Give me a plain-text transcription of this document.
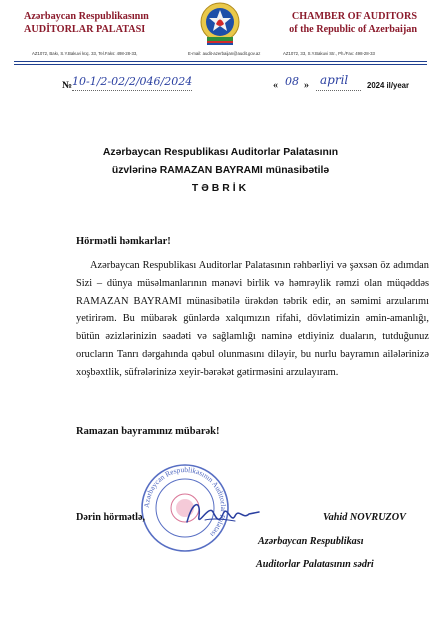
Azərbaycan Respublikasının
AUDİTORLAR PALATASI
CHAMBER OF AUDITORS
of the Republic of Azerbaijan
AZ1072, Bakı, S.Y.Bakuvi küç. 33, Tel.Faks: 498-28-33,	E-mail: audit-azerbaijan@audit.gov.az	AZ1072, 33, S.Y.Bakuvi Str., Ph./Fax: 498-28-33
№ 10-1/2-02/2/046/2024	« 08 » april 2024 il/year
Azərbaycan Respublikası Auditorlar Palatasının
üzvlərinə RAMAZAN BAYRAMI münasibətilə
TƏBRİK
Hörmətli həmkarlar!
Azərbaycan Respublikası Auditorlar Palatasının rəhbərliyi və şəxsən öz adımdan Sizi – dünya müsəlmanlarının mənəvi birlik və həmrəylik rəmzi olan müqəddəs RAMAZAN BAYRAMI münasibətilə ürəkdən təbrik edir, ən səmimi arzularımı yetirirəm. Bu mübarək günlərdə xalqımızın rifahi, dövlətimizin əmin-amanlığı, bütün əzizlərinizin səadəti və sağlamlığı naminə etdiyiniz duaların, tutduğunuz orucların Tanrı dərgahında qəbul olunmasını diləyir, bu nurlu bayramın ailələrinizə xoşbəxtlik, süfrələrinizə xeyir-bərəkət gətirməsini arzulayıram.
Ramazan bayramınız mübarək!
Azərbaycan Respublikasının Auditorlar Palatası
Dərin hörmətlə,	Vahid NOVRUZOV
Azərbaycan Respublikası
Auditorlar Palatasının sədri
